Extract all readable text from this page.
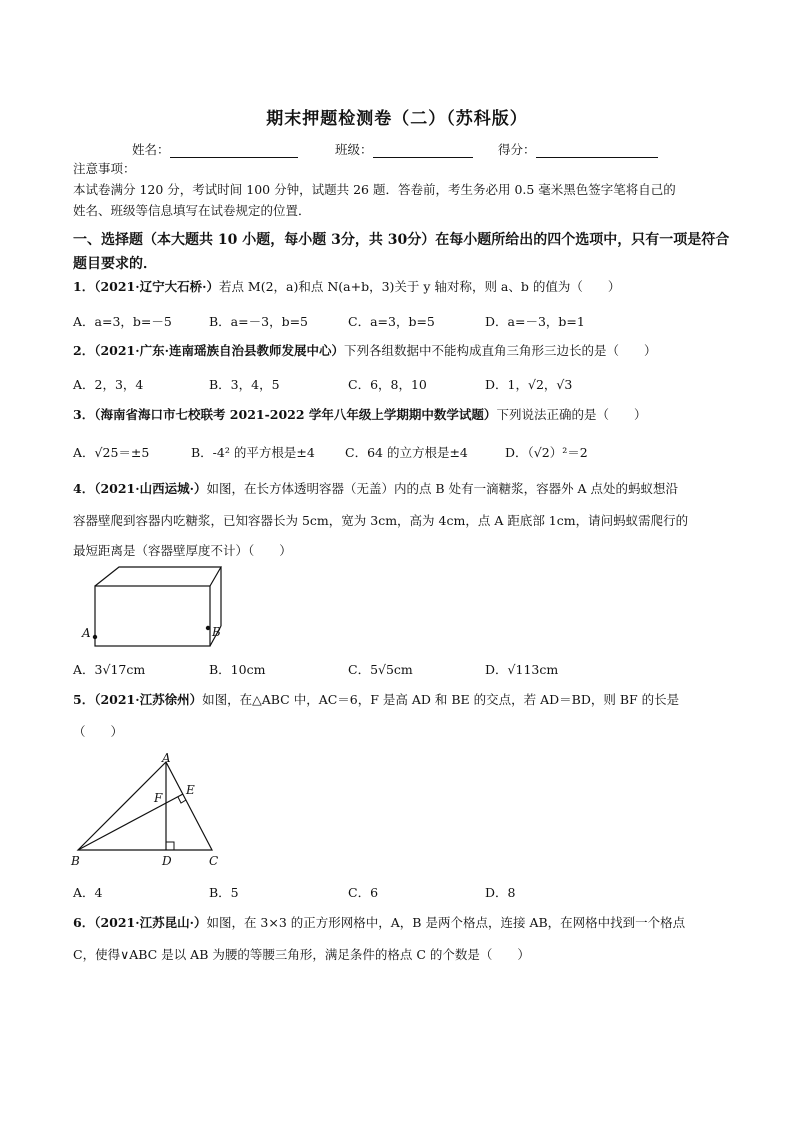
期末押题检测卷（二）（苏科版）
姓名：	班级：	得分：
注意事项：
本试卷满分 120 分，考试时间 100 分钟，试题共 26 题．答卷前，考生务必用 0.5 毫米黑色签字笔将自己的
姓名、班级等信息填写在试卷规定的位置．
一、选择题（本大题共 10 小题，每小题 3分，共 30分）在每小题所给出的四个选项中，只有一项是符合
题目要求的．
1．（2021·辽宁大石桥·）若点 M(2，a)和点 N(a+b，3)关于 y 轴对称，则 a、b 的值为（　　）
A．a=3，b=－5	B．a=－3，b=5	C．a=3，b=5	D．a=－3，b=1
2．（2021·广东·连南瑶族自治县教师发展中心）下列各组数据中不能构成直角三角形三边长的是（　　）
A．2，3，4	B．3，4，5	C．6，8，10	D．1，√2，√3
3．（海南省海口市七校联考 2021-2022 学年八年级上学期期中数学试题）下列说法正确的是（　　）
A．√25＝±5	B．-4² 的平方根是±4 C．64 的立方根是±4	D．（√2）²＝2
4．（2021·山西运城·）如图，在长方体透明容器（无盖）内的点 B 处有一滴糖浆，容器外 A 点处的蚂蚁想沿
容器壁爬到容器内吃糖浆，已知容器长为 5cm，宽为 3cm，高为 4cm，点 A 距底部 1cm，请问蚂蚁需爬行的
最短距离是（容器壁厚度不计）（　　）
A	B
A．3√17cm	B．10cm	C．5√5cm	D．√113cm
5．（2021·江苏徐州）如图，在△ABC 中，AC＝6，F 是高 AD 和 BE 的交点，若 AD＝BD，则 BF 的长是
（　　）
A
E
F
B	D	C
A．4	B．5	C．6	D．8
6．（2021·江苏昆山·）如图，在 3×3 的正方形网格中，A，B 是两个格点，连接 AB，在网格中找到一个格点
C，使得∨ABC 是以 AB 为腰的等腰三角形，满足条件的格点 C 的个数是（　　）
